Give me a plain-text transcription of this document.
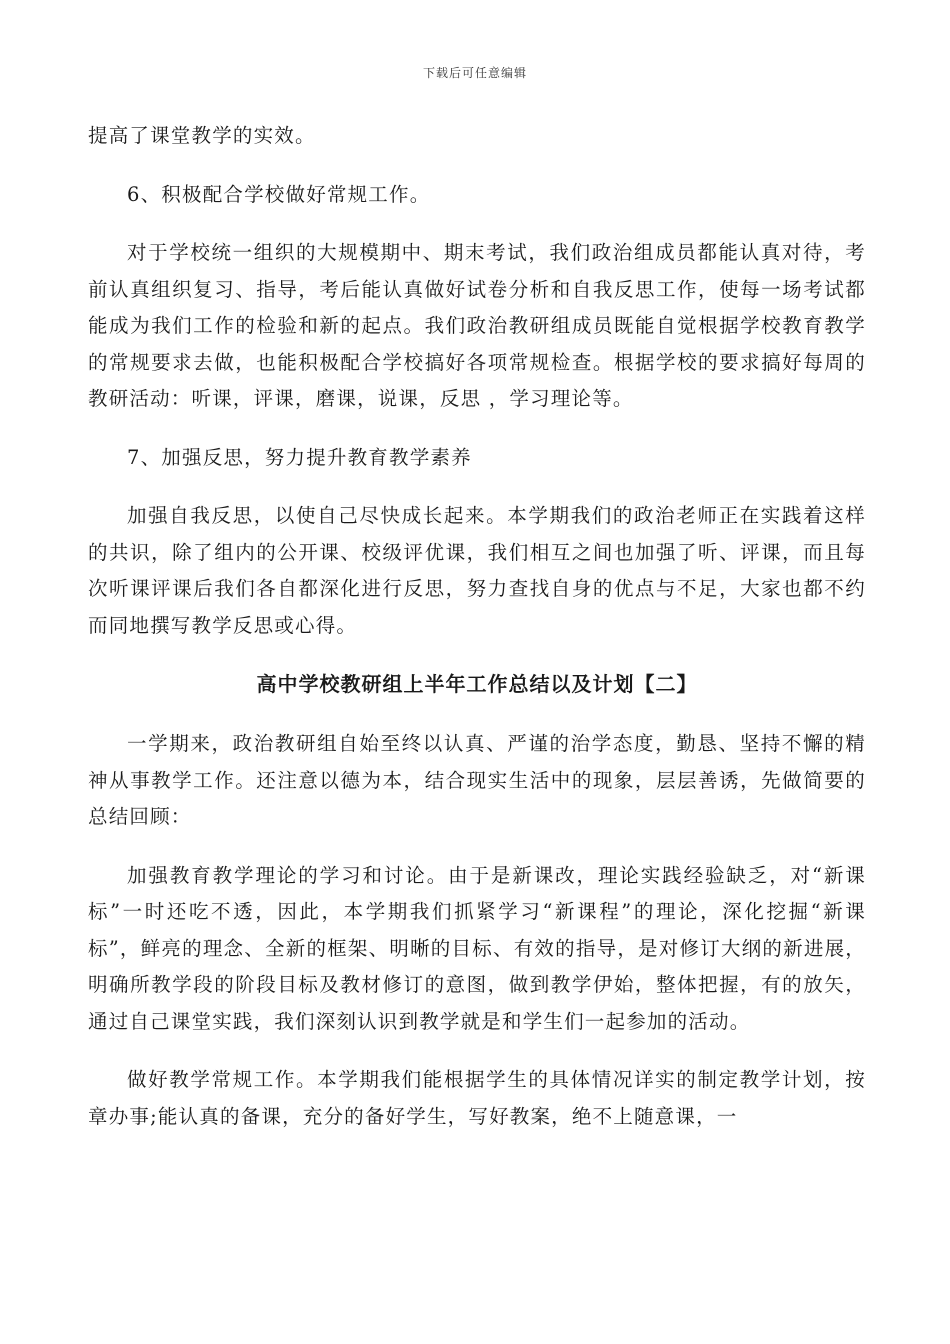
下载后可任意编辑

提高了课堂教学的实效。

6、积极配合学校做好常规工作。

对于学校统一组织的大规模期中、期末考试，我们政治组成员都能认真对待，考前认真组织复习、指导，考后能认真做好试卷分析和自我反思工作，使每一场考试都能成为我们工作的检验和新的起点。我们政治教研组成员既能自觉根据学校教育教学的常规要求去做，也能积极配合学校搞好各项常规检查。根据学校的要求搞好每周的教研活动：听课，评课，磨课，说课，反思 ，学习理论等。

7、加强反思，努力提升教育教学素养

加强自我反思，以使自己尽快成长起来。本学期我们的政治老师正在实践着这样的共识，除了组内的公开课、校级评优课，我们相互之间也加强了听、评课，而且每次听课评课后我们各自都深化进行反思，努力查找自身的优点与不足，大家也都不约而同地撰写教学反思或心得。

高中学校教研组上半年工作总结以及计划【二】

一学期来，政治教研组自始至终以认真、严谨的治学态度，勤恳、坚持不懈的精神从事教学工作。还注意以德为本，结合现实生活中的现象，层层善诱，先做简要的总结回顾：

加强教育教学理论的学习和讨论。由于是新课改，理论实践经验缺乏，对“新课标”一时还吃不透，因此，本学期我们抓紧学习“新课程”的理论，深化挖掘“新课标”，鲜亮的理念、全新的框架、明晰的目标、有效的指导，是对修订大纲的新进展，明确所教学段的阶段目标及教材修订的意图，做到教学伊始，整体把握，有的放矢，通过自己课堂实践，我们深刻认识到教学就是和学生们一起参加的活动。

做好教学常规工作。本学期我们能根据学生的具体情况详实的制定教学计划，按章办事;能认真的备课，充分的备好学生，写好教案，绝不上随意课，一
